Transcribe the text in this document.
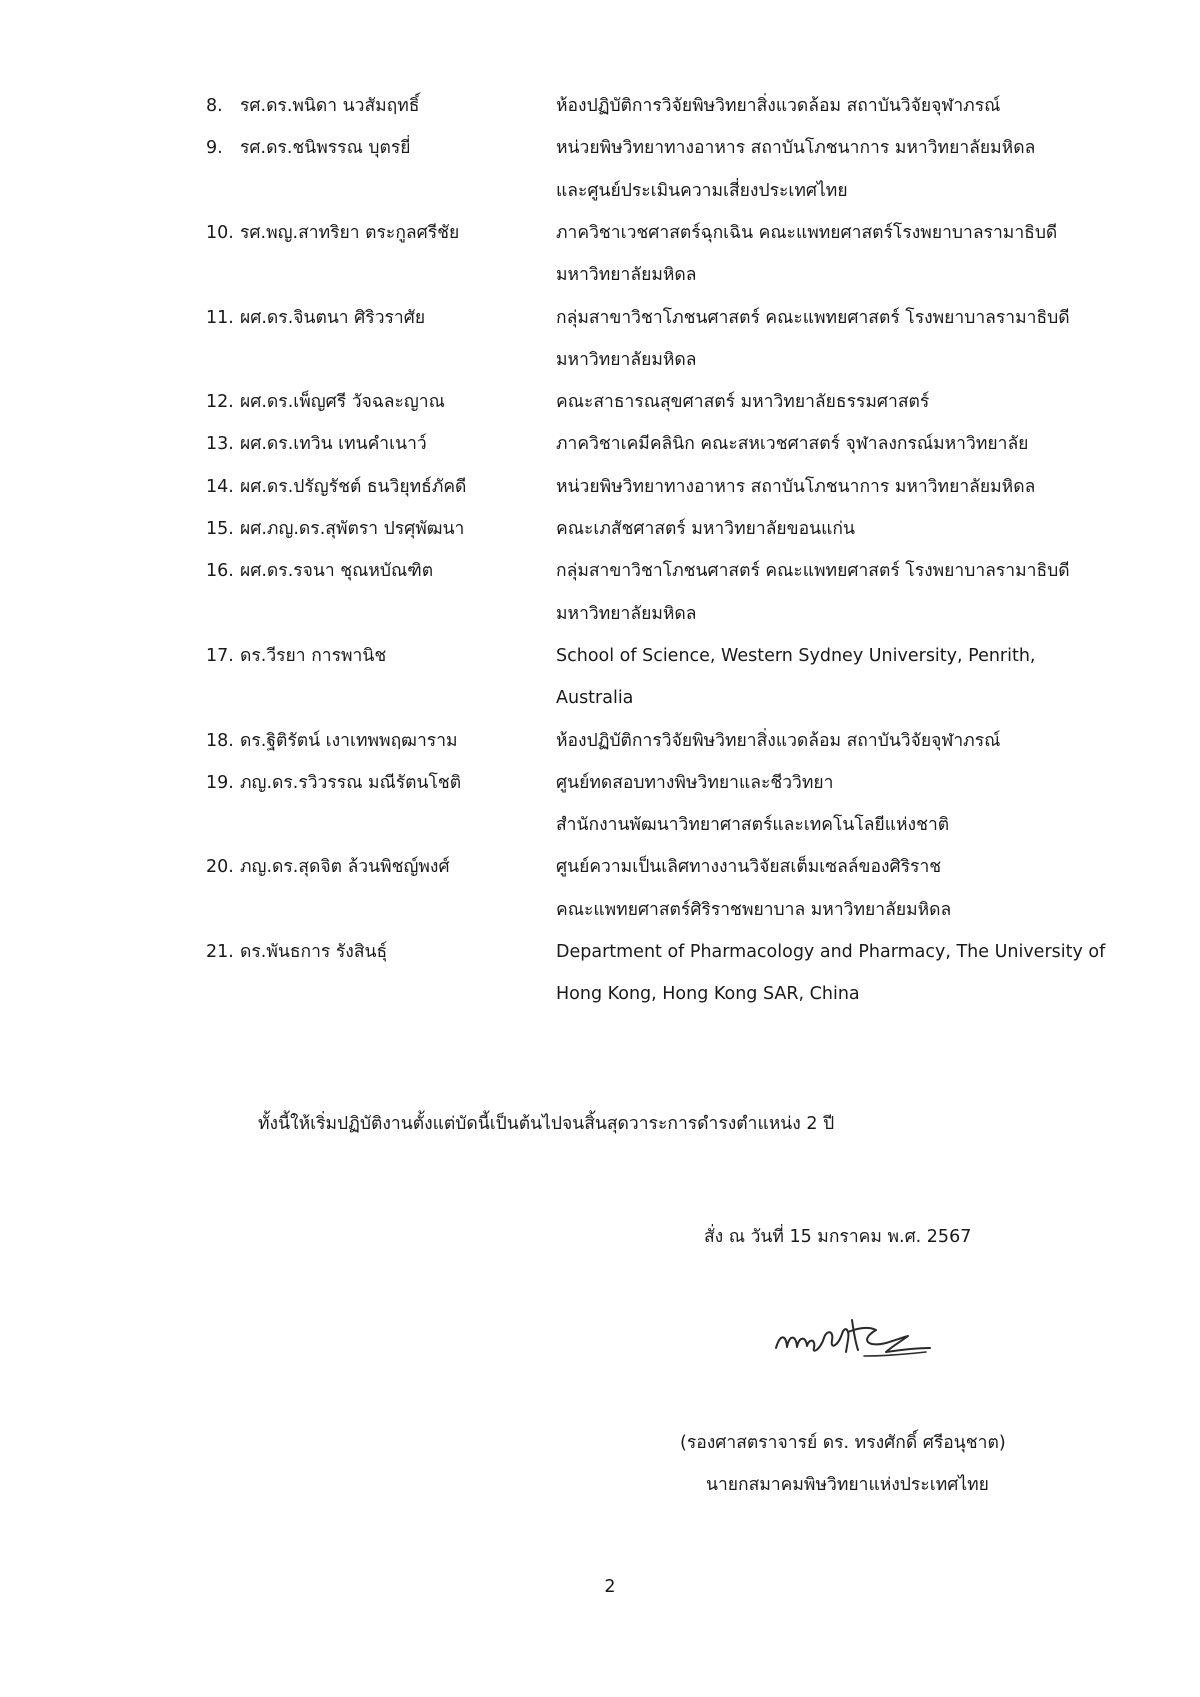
8. รศ.ดร.พนิดา นวสัมฤทธิ์	ห้องปฏิบัติการวิจัยพิษวิทยาสิ่งแวดล้อม สถาบันวิจัยจุฬาภรณ์
9. รศ.ดร.ชนิพรรณ บุตรยี่	หน่วยพิษวิทยาทางอาหาร สถาบันโภชนาการ มหาวิทยาลัยมหิดล
และศูนย์ประเมินความเสี่ยงประเทศไทย
10. รศ.พญ.สาทริยา ตระกูลศรีชัย	ภาควิชาเวชศาสตร์ฉุกเฉิน คณะแพทยศาสตร์โรงพยาบาลรามาธิบดี
มหาวิทยาลัยมหิดล
11. ผศ.ดร.จินตนา ศิริวราศัย	กลุ่มสาขาวิชาโภชนศาสตร์ คณะแพทยศาสตร์ โรงพยาบาลรามาธิบดี
มหาวิทยาลัยมหิดล
12. ผศ.ดร.เพ็ญศรี วัจฉละญาณ	คณะสาธารณสุขศาสตร์ มหาวิทยาลัยธรรมศาสตร์
13. ผศ.ดร.เทวิน เทนคำเนาว์	ภาควิชาเคมีคลินิก คณะสหเวชศาสตร์ จุฬาลงกรณ์มหาวิทยาลัย
14. ผศ.ดร.ปรัญรัชต์ ธนวิยุทธ์ภัคดี	หน่วยพิษวิทยาทางอาหาร สถาบันโภชนาการ มหาวิทยาลัยมหิดล
15. ผศ.ภญ.ดร.สุพัตรา ปรศุพัฒนา	คณะเภสัชศาสตร์ มหาวิทยาลัยขอนแก่น
16. ผศ.ดร.รจนา ชุณหบัณฑิต	กลุ่มสาขาวิชาโภชนศาสตร์ คณะแพทยศาสตร์ โรงพยาบาลรามาธิบดี
มหาวิทยาลัยมหิดล
17. ดร.วีรยา การพานิช	School of Science, Western Sydney University, Penrith,
Australia
18. ดร.ฐิติรัตน์ เงาเทพพฤฒาราม	ห้องปฏิบัติการวิจัยพิษวิทยาสิ่งแวดล้อม สถาบันวิจัยจุฬาภรณ์
19. ภญ.ดร.รวิวรรณ มณีรัตนโชติ	ศูนย์ทดสอบทางพิษวิทยาและชีววิทยา
สำนักงานพัฒนาวิทยาศาสตร์และเทคโนโลยีแห่งชาติ
20. ภญ.ดร.สุดจิต ล้วนพิชญ์พงศ์	ศูนย์ความเป็นเลิศทางงานวิจัยสเต็มเซลล์ของศิริราช
คณะแพทยศาสตร์ศิริราชพยาบาล มหาวิทยาลัยมหิดล
21. ดร.พันธการ รังสินธุ์	Department of Pharmacology and Pharmacy, The University of
Hong Kong, Hong Kong SAR, China
ทั้งนี้ให้เริ่มปฏิบัติงานตั้งแต่บัดนี้เป็นต้นไปจนสิ้นสุดวาระการดำรงตำแหน่ง 2 ปี
สั่ง ณ วันที่ 15 มกราคม พ.ศ. 2567
(รองศาสตราจารย์ ดร. ทรงศักดิ์ ศรีอนุชาต)
นายกสมาคมพิษวิทยาแห่งประเทศไทย
2
